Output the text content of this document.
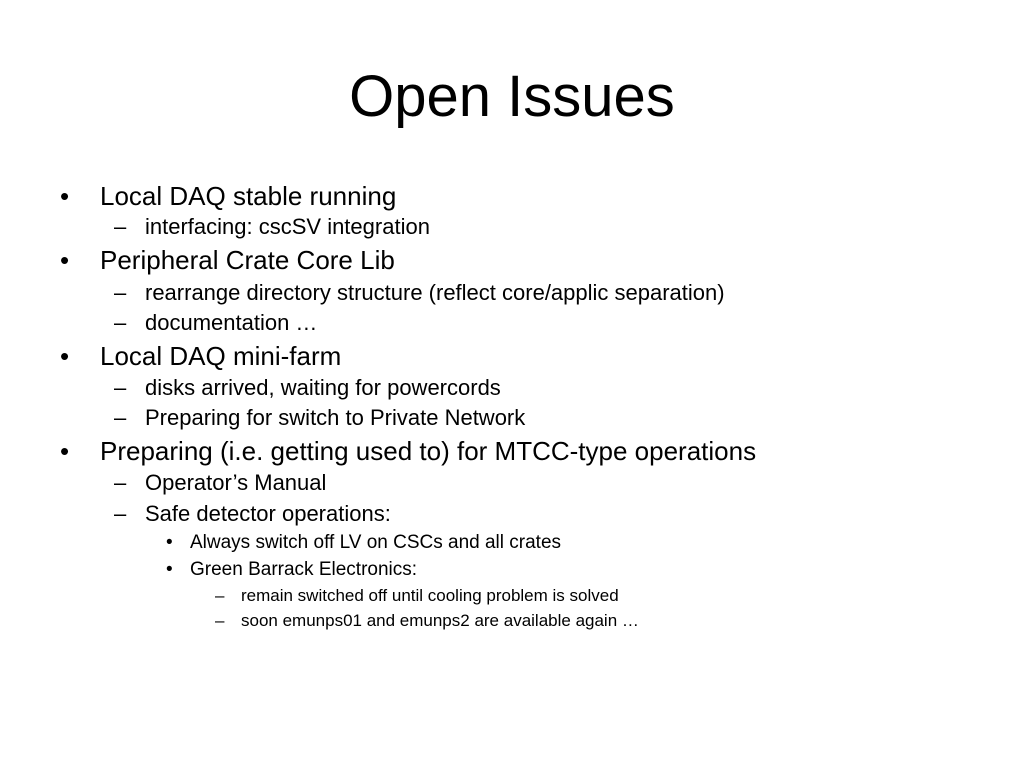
Open Issues
• Local DAQ stable running
– interfacing: cscSV integration
• Peripheral Crate Core Lib
– rearrange directory structure (reflect core/applic separation)
– documentation …
• Local DAQ mini-farm
– disks arrived, waiting for powercords
– Preparing for switch to Private Network
• Preparing (i.e. getting used to) for MTCC-type operations
– Operator’s Manual
– Safe detector operations:
• Always switch off LV on CSCs and all crates
• Green Barrack Electronics:
– remain switched off until cooling problem is solved
– soon emunps01 and emunps2 are available again …
